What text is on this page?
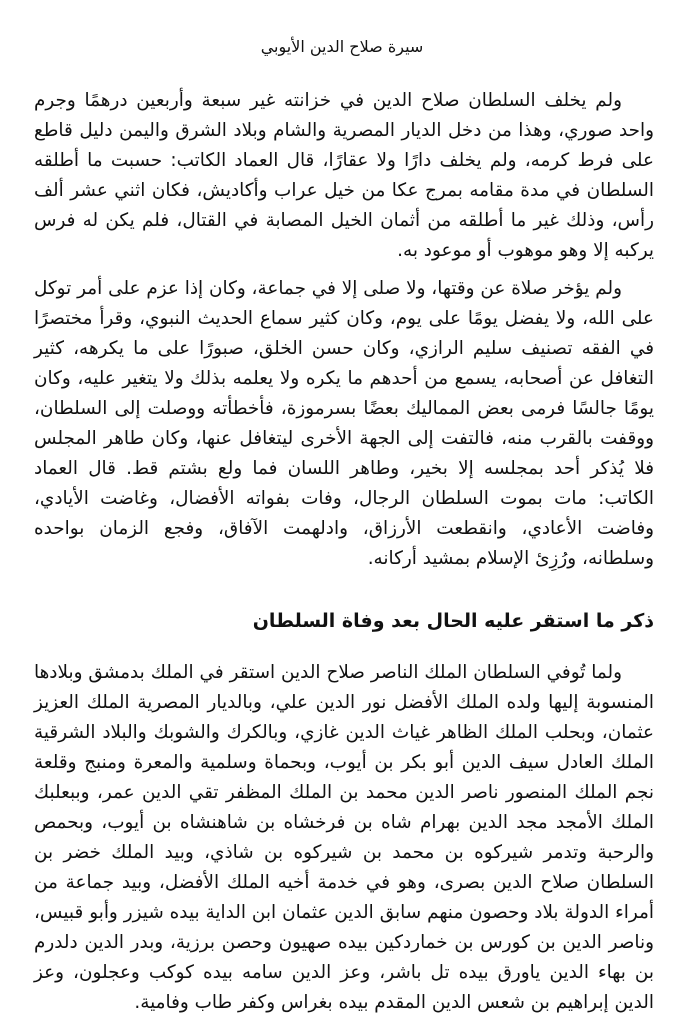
سيرة صلاح الدين الأيوبي

ولم يخلف السلطان صلاح الدين في خزانته غير سبعة وأربعين درهمًا وجرم واحد صوري، وهذا من دخل الديار المصرية والشام وبلاد الشرق واليمن دليل قاطع على فرط كرمه، ولم يخلف دارًا ولا عقارًا، قال العماد الكاتب: حسبت ما أطلقه السلطان في مدة مقامه بمرج عكا من خيل عراب وأكاديش، فكان اثني عشر ألف رأس، وذلك غير ما أطلقه من أثمان الخيل المصابة في القتال، فلم يكن له فرس يركبه إلا وهو موهوب أو موعود به.

ولم يؤخر صلاة عن وقتها، ولا صلى إلا في جماعة، وكان إذا عزم على أمر توكل على الله، ولا يفضل يومًا على يوم، وكان كثير سماع الحديث النبوي، وقرأ مختصرًا في الفقه تصنيف سليم الرازي، وكان حسن الخلق، صبورًا على ما يكرهه، كثير التغافل عن أصحابه، يسمع من أحدهم ما يكره ولا يعلمه بذلك ولا يتغير عليه، وكان يومًا جالسًا فرمى بعض المماليك بعضًا بسرموزة، فأخطأته ووصلت إلى السلطان، ووقفت بالقرب منه، فالتفت إلى الجهة الأخرى ليتغافل عنها، وكان طاهر المجلس فلا يُذكر أحد بمجلسه إلا بخير، وطاهر اللسان فما ولع بشتم قط. قال العماد الكاتب: مات بموت السلطان الرجال، وفات بفواته الأفضال، وغاضت الأيادي، وفاضت الأعادي، وانقطعت الأرزاق، وادلهمت الآفاق، وفجع الزمان بواحده وسلطانه، ورُزِئ الإسلام بمشيد أركانه.

ذكر ما استقر عليه الحال بعد وفاة السلطان

ولما تُوفي السلطان الملك الناصر صلاح الدين استقر في الملك بدمشق وبلادها المنسوبة إليها ولده الملك الأفضل نور الدين علي، وبالديار المصرية الملك العزيز عثمان، وبحلب الملك الظاهر غياث الدين غازي، وبالكرك والشوبك والبلاد الشرقية الملك العادل سيف الدين أبو بكر بن أيوب، وبحماة وسلمية والمعرة ومنبج وقلعة نجم الملك المنصور ناصر الدين محمد بن الملك المظفر تقي الدين عمر، وببعلبك الملك الأمجد مجد الدين بهرام شاه بن فرخشاه بن شاهنشاه بن أيوب، وبحمص والرحبة وتدمر شيركوه بن محمد بن شيركوه بن شاذي، وبيد الملك خضر بن السلطان صلاح الدين بصرى، وهو في خدمة أخيه الملك الأفضل، وبيد جماعة من أمراء الدولة بلاد وحصون منهم سابق الدين عثمان ابن الداية بيده شيزر وأبو قبيس، وناصر الدين بن كورس بن خماردكين بيده صهيون وحصن برزية، وبدر الدين دلدرم بن بهاء الدين ياورق بيده تل باشر، وعز الدين سامه بيده كوكب وعجلون، وعز الدين إبراهيم بن شعس الدين المقدم بيده بغراس وكفر طاب وفامية.
